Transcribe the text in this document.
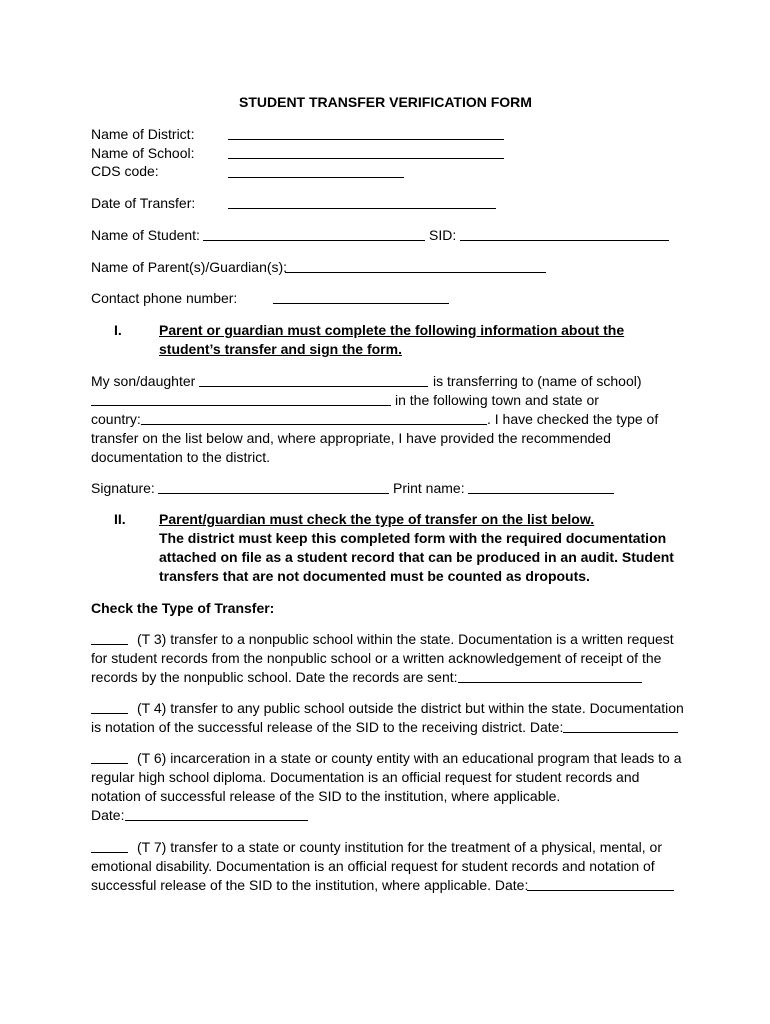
STUDENT TRANSFER VERIFICATION FORM
Name of District:
Name of School:
CDS code:
Date of Transfer:
Name of Student:	SID:
Name of Parent(s)/Guardian(s):
Contact phone number:
I.	Parent or guardian must complete the following information about the
student’s transfer and sign the form.
My son/daughter	is transferring to (name of school)
in the following town and state or
country:	. I have checked the type of
transfer on the list below and, where appropriate, I have provided the recommended
documentation to the district.
Signature:	Print name:
II. Parent/guardian must check the type of transfer on the list below.
The district must keep this completed form with the required documentation
attached on file as a student record that can be produced in an audit. Student
transfers that are not documented must be counted as dropouts.
Check the Type of Transfer:
(T 3) transfer to a nonpublic school within the state. Documentation is a written request
for student records from the nonpublic school or a written acknowledgement of receipt of the
records by the nonpublic school. Date the records are sent:
(T 4) transfer to any public school outside the district but within the state. Documentation
is notation of the successful release of the SID to the receiving district. Date:
(T 6) incarceration in a state or county entity with an educational program that leads to a
regular high school diploma. Documentation is an official request for student records and
notation of successful release of the SID to the institution, where applicable.
Date:
(T 7) transfer to a state or county institution for the treatment of a physical, mental, or
emotional disability. Documentation is an official request for student records and notation of
successful release of the SID to the institution, where applicable. Date:
